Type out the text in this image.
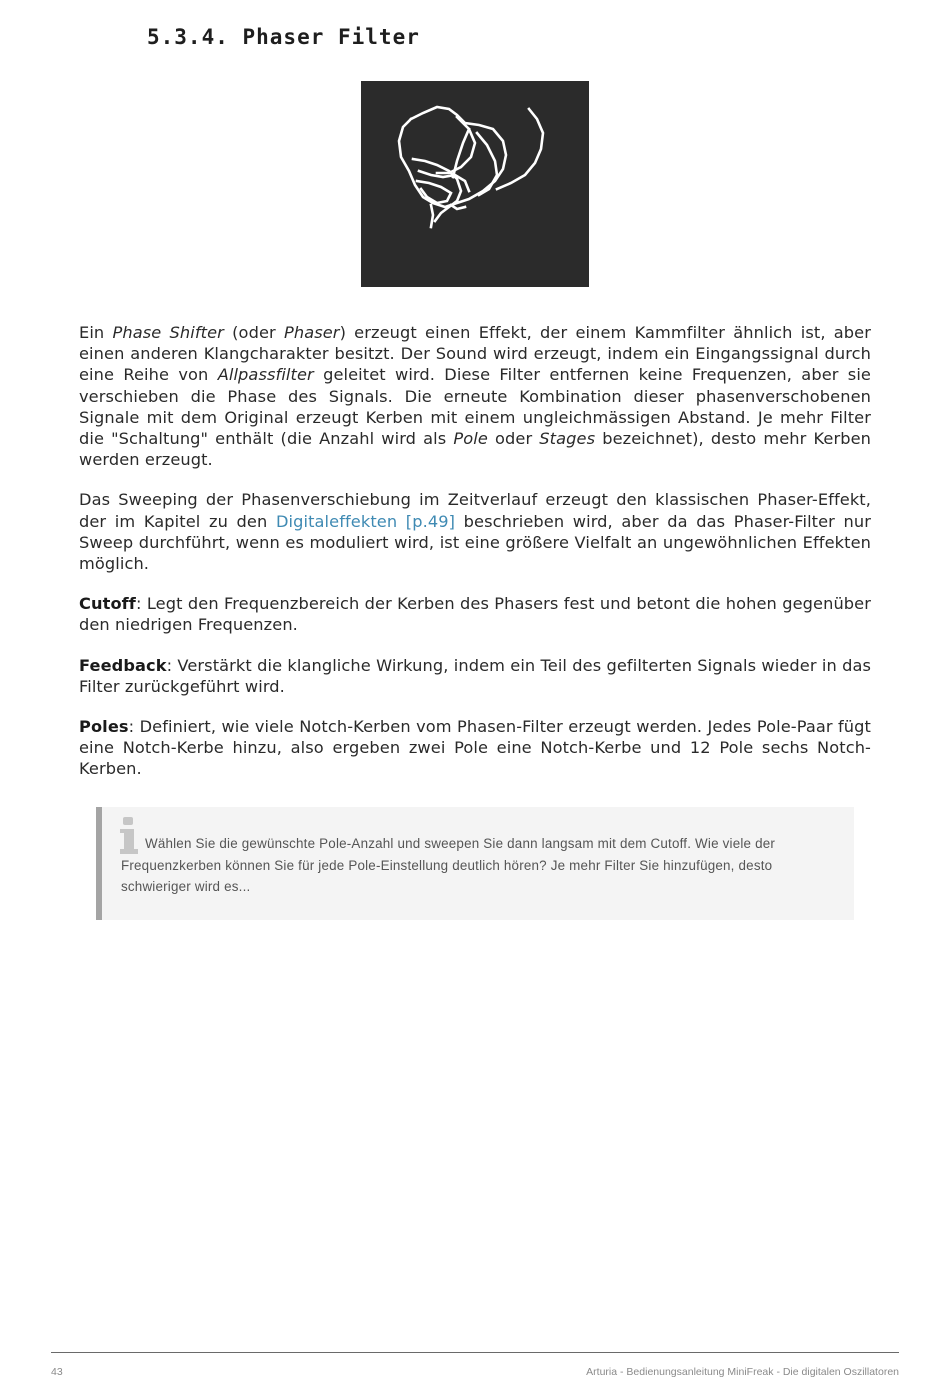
5.3.4. Phaser Filter

Ein Phase Shifter (oder Phaser) erzeugt einen Effekt, der einem Kammfilter ähnlich ist, aber einen anderen Klangcharakter besitzt. Der Sound wird erzeugt, indem ein Eingangssignal durch eine Reihe von Allpassfilter geleitet wird. Diese Filter entfernen keine Frequenzen, aber sie verschieben die Phase des Signals. Die erneute Kombination dieser phasenverschobenen Signale mit dem Original erzeugt Kerben mit einem ungleichmässigen Abstand. Je mehr Filter die "Schaltung" enthält (die Anzahl wird als Pole oder Stages bezeichnet), desto mehr Kerben werden erzeugt.

Das Sweeping der Phasenverschiebung im Zeitverlauf erzeugt den klassischen Phaser-Effekt, der im Kapitel zu den Digitaleffekten [p.49] beschrieben wird, aber da das Phaser-Filter nur Sweep durchführt, wenn es moduliert wird, ist eine größere Vielfalt an ungewöhnlichen Effekten möglich.

Cutoff: Legt den Frequenzbereich der Kerben des Phasers fest und betont die hohen gegenüber den niedrigen Frequenzen.

Feedback: Verstärkt die klangliche Wirkung, indem ein Teil des gefilterten Signals wieder in das Filter zurückgeführt wird.

Poles: Definiert, wie viele Notch-Kerben vom Phasen-Filter erzeugt werden. Jedes Pole-Paar fügt eine Notch-Kerbe hinzu, also ergeben zwei Pole eine Notch-Kerbe und 12 Pole sechs Notch-Kerben.

Wählen Sie die gewünschte Pole-Anzahl und sweepen Sie dann langsam mit dem Cutoff. Wie viele der Frequenzkerben können Sie für jede Pole-Einstellung deutlich hören? Je mehr Filter Sie hinzufügen, desto schwieriger wird es...

43	Arturia - Bedienungsanleitung MiniFreak - Die digitalen Oszillatoren
